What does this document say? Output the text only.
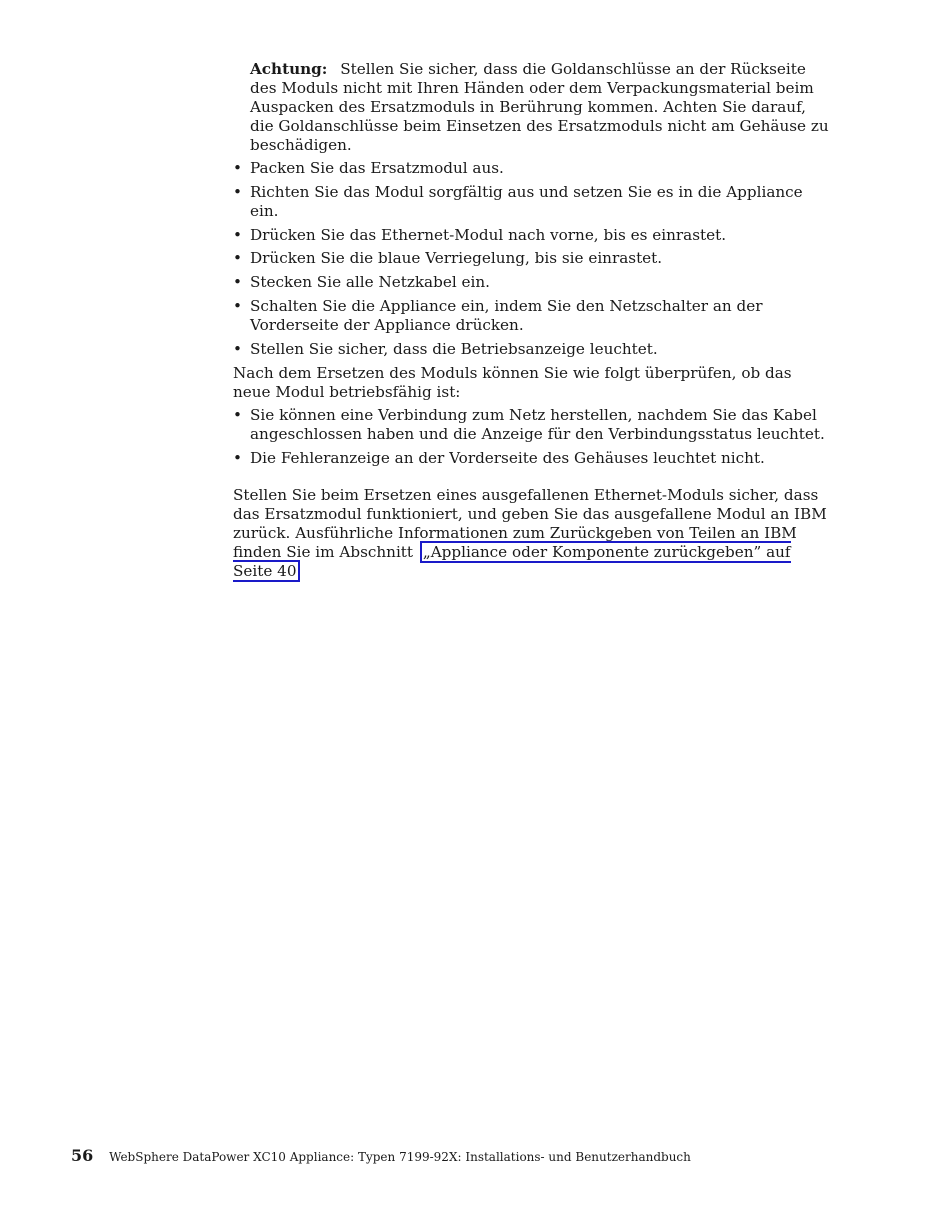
Achtung: Stellen Sie sicher, dass die Goldanschlüsse an der Rückseite des Moduls nicht mit Ihren Händen oder dem Verpackungsmaterial beim Auspacken des Ersatzmoduls in Berührung kommen. Achten Sie darauf, die Goldanschlüsse beim Einsetzen des Ersatzmoduls nicht am Gehäuse zu beschädigen.

• Packen Sie das Ersatzmodul aus.
• Richten Sie das Modul sorgfältig aus und setzen Sie es in die Appliance ein.
• Drücken Sie das Ethernet-Modul nach vorne, bis es einrastet.
• Drücken Sie die blaue Verriegelung, bis sie einrastet.
• Stecken Sie alle Netzkabel ein.
• Schalten Sie die Appliance ein, indem Sie den Netzschalter an der Vorderseite der Appliance drücken.
• Stellen Sie sicher, dass die Betriebsanzeige leuchtet.

Nach dem Ersetzen des Moduls können Sie wie folgt überprüfen, ob das neue Modul betriebsfähig ist:

• Sie können eine Verbindung zum Netz herstellen, nachdem Sie das Kabel angeschlossen haben und die Anzeige für den Verbindungsstatus leuchtet.
• Die Fehleranzeige an der Vorderseite des Gehäuses leuchtet nicht.

Stellen Sie beim Ersetzen eines ausgefallenen Ethernet-Moduls sicher, dass das Ersatzmodul funktioniert, und geben Sie das ausgefallene Modul an IBM zurück. Ausführliche Informationen zum Zurückgeben von Teilen an IBM finden Sie im Abschnitt „Appliance oder Komponente zurückgeben” auf Seite 40

56 WebSphere DataPower XC10 Appliance: Typen 7199-92X: Installations- und Benutzerhandbuch
